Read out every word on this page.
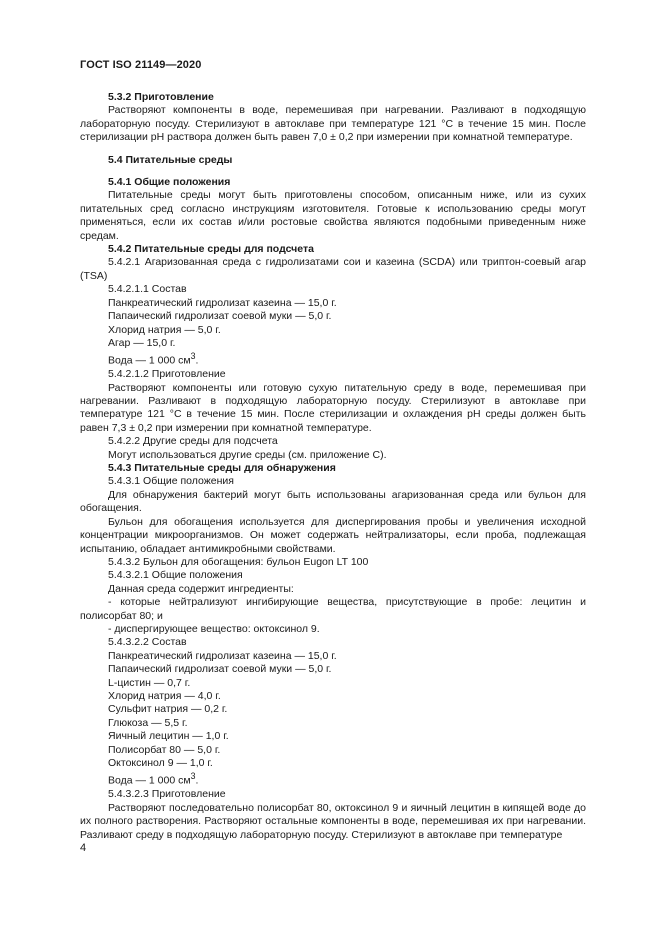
ГОСТ ISO 21149—2020

5.3.2 Приготовление

Растворяют компоненты в воде, перемешивая при нагревании. Разливают в подходящую лабораторную посуду. Стерилизуют в автоклаве при температуре 121 °С в течение 15 мин. После стерилизации pH раствора должен быть равен 7,0 ± 0,2 при измерении при комнатной температуре.

5.4 Питательные среды

5.4.1 Общие положения

Питательные среды могут быть приготовлены способом, описанным ниже, или из сухих питательных сред согласно инструкциям изготовителя. Готовые к использованию среды могут применяться, если их состав и/или ростовые свойства являются подобными приведенным ниже средам.

5.4.2 Питательные среды для подсчета

5.4.2.1 Агаризованная среда с гидролизатами сои и казеина (SCDA) или триптон-соевый агар (TSA)

5.4.2.1.1 Состав

Панкреатический гидролизат казеина — 15,0 г.

Папаический гидролизат соевой муки — 5,0 г.

Хлорид натрия — 5,0 г.

Агар — 15,0 г.

Вода — 1 000 $см^3$.

5.4.2.1.2 Приготовление

Растворяют компоненты или готовую сухую питательную среду в воде, перемешивая при нагревании. Разливают в подходящую лабораторную посуду. Стерилизуют в автоклаве при температуре 121 °С в течение 15 мин. После стерилизации и охлаждения pH среды должен быть равен 7,3 ± 0,2 при измерении при комнатной температуре.

5.4.2.2 Другие среды для подсчета

Могут использоваться другие среды (см. приложение С).

5.4.3 Питательные среды для обнаружения

5.4.3.1 Общие положения

Для обнаружения бактерий могут быть использованы агаризованная среда или бульон для обогащения.

Бульон для обогащения используется для диспергирования пробы и увеличения исходной концентрации микроорганизмов. Он может содержать нейтрализаторы, если проба, подлежащая испытанию, обладает антимикробными свойствами.

5.4.3.2 Бульон для обогащения: бульон Eugon LT 100

5.4.3.2.1 Общие положения

Данная среда содержит ингредиенты:

- которые нейтрализуют ингибирующие вещества, присутствующие в пробе: лецитин и полисорбат 80; и

- диспергирующее вещество: октоксинол 9.

5.4.3.2.2 Состав

Панкреатический гидролизат казеина — 15,0 г.

Папаический гидролизат соевой муки — 5,0 г.

L-цистин — 0,7 г.

Хлорид натрия — 4,0 г.

Сульфит натрия — 0,2 г.

Глюкоза — 5,5 г.

Яичный лецитин — 1,0 г.

Полисорбат 80 — 5,0 г.

Октоксинол 9 — 1,0 г.

Вода — 1 000 $см^3$.

5.4.3.2.3 Приготовление

Растворяют последовательно полисорбат 80, октоксинол 9 и яичный лецитин в кипящей воде до их полного растворения. Растворяют остальные компоненты в воде, перемешивая их при нагревании. Разливают среду в подходящую лабораторную посуду. Стерилизуют в автоклаве при температуре

4
